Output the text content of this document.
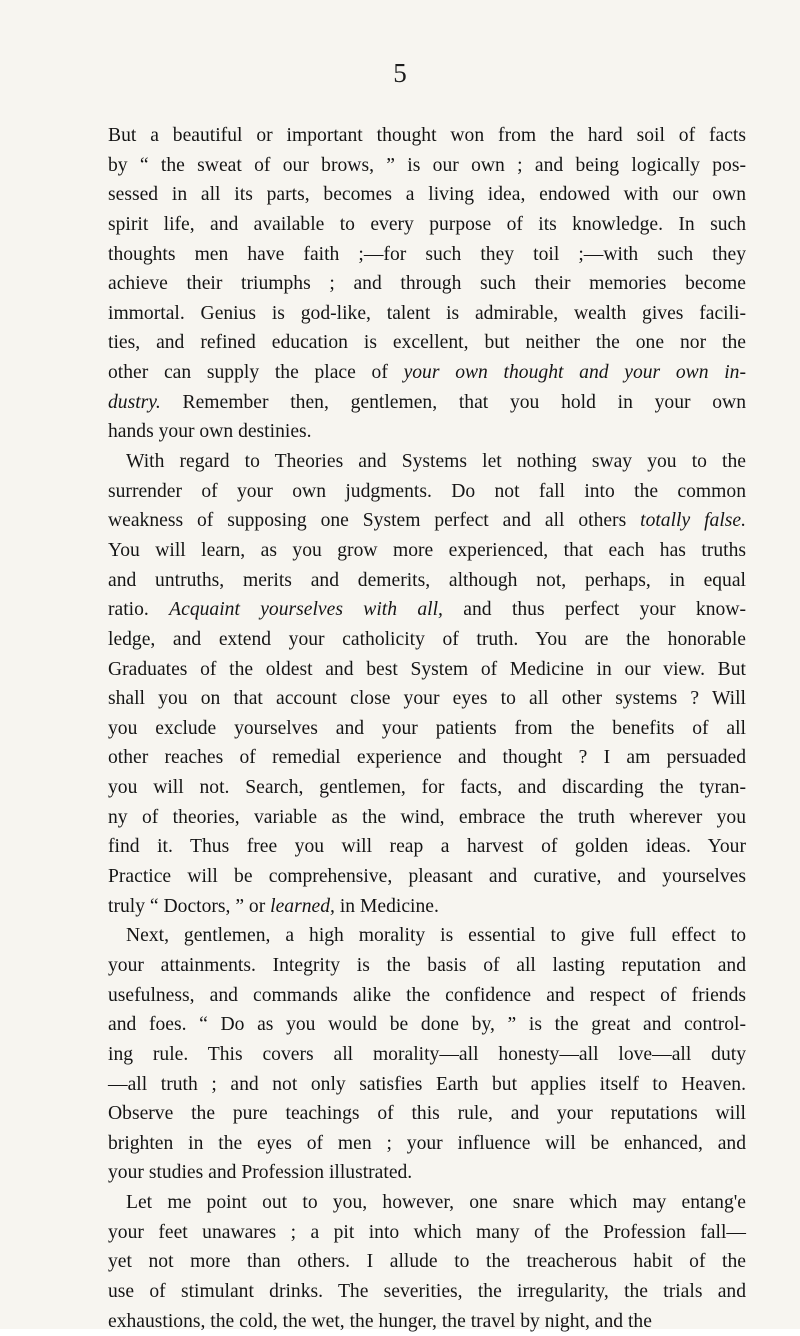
5
But a beautiful or important thought won from the hard soil of facts
by “ the sweat of our brows, ” is our own ; and being logically pos-
sessed in all its parts, becomes a living idea, endowed with our own
spirit life, and available to every purpose of its knowledge. In such
thoughts men have faith ;—for such they toil ;—with such they
achieve their triumphs ; and through such their memories become
immortal. Genius is god-like, talent is admirable, wealth gives facili-
ties, and refined education is excellent, but neither the one nor the
other can supply the place of your own thought and your own in-
dustry. Remember then, gentlemen, that you hold in your own
hands your own destinies.
With regard to Theories and Systems let nothing sway you to the
surrender of your own judgments. Do not fall into the common
weakness of supposing one System perfect and all others totally false.
You will learn, as you grow more experienced, that each has truths
and untruths, merits and demerits, although not, perhaps, in equal
ratio. Acquaint yourselves with all, and thus perfect your know-
ledge, and extend your catholicity of truth. You are the honorable
Graduates of the oldest and best System of Medicine in our view. But
shall you on that account close your eyes to all other systems ? Will
you exclude yourselves and your patients from the benefits of all
other reaches of remedial experience and thought ? I am persuaded
you will not. Search, gentlemen, for facts, and discarding the tyran-
ny of theories, variable as the wind, embrace the truth wherever you
find it. Thus free you will reap a harvest of golden ideas. Your
Practice will be comprehensive, pleasant and curative, and yourselves
truly “ Doctors, ” or learned, in Medicine.
Next, gentlemen, a high morality is essential to give full effect to
your attainments. Integrity is the basis of all lasting reputation and
usefulness, and commands alike the confidence and respect of friends
and foes. “ Do as you would be done by, ” is the great and control-
ing rule. This covers all morality—all honesty—all love—all duty
—all truth ; and not only satisfies Earth but applies itself to Heaven.
Observe the pure teachings of this rule, and your reputations will
brighten in the eyes of men ; your influence will be enhanced, and
your studies and Profession illustrated.
Let me point out to you, however, one snare which may entang'e
your feet unawares ; a pit into which many of the Profession fall—
yet not more than others. I allude to the treacherous habit of the
use of stimulant drinks. The severities, the irregularity, the trials and
exhaustions, the cold, the wet, the hunger, the travel by night, and the
